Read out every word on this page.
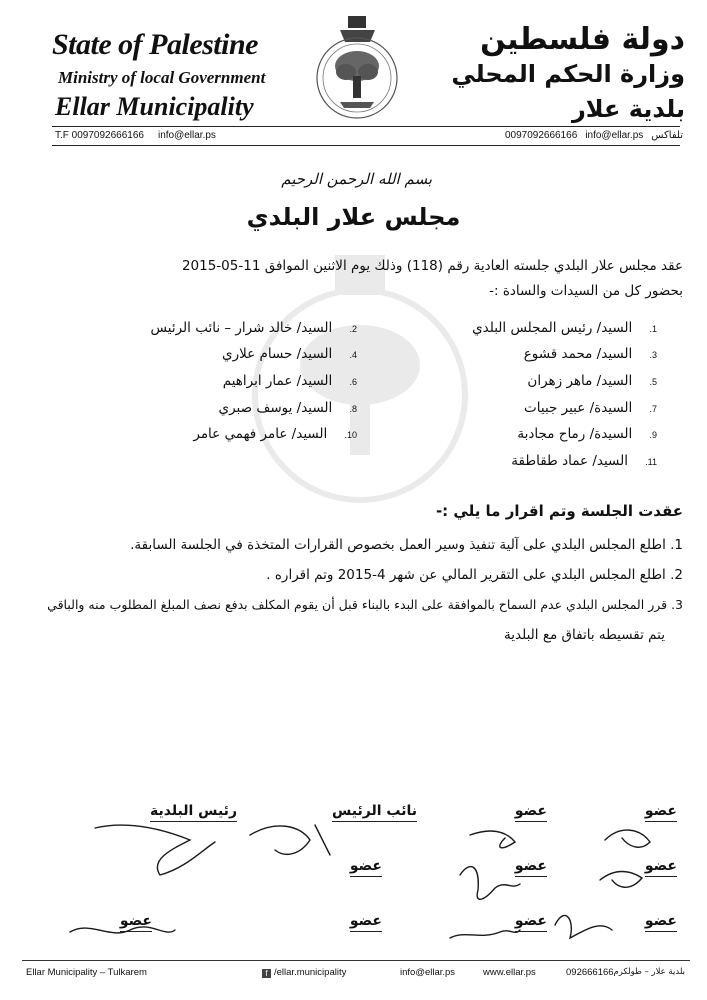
State of Palestine
Ministry of local Government
Ellar Municipality
دولة فلسطين
وزارة الحكم المحلي
بلدية علار
T.F 0097092666166 info@ellar.ps	تلفاكس0097092666166 info@ellar.ps
بسم الله الرحمن الرحيم
مجلس علار البلدي
عقد مجلس علار البلدي جلسته العادية رقم (118) وذلك يوم الاثنين الموافق 11-05-2015
بحضور كل من السيدات والسادة :-
1.    السيد/ رئيس المجلس البلدي
3.    السيد/ محمد قشوع
5.    السيد/ ماهر زهران
7.    السيدة/ عبير جبيات
9.    السيدة/ رماح مجادبة
11.    السيد/ عماد طقاطقة
2.    السيد/ خالد شرار – نائب الرئيس
4.    السيد/ حسام علاري
6.    السيد/ عمار ابراهيم
8.    السيد/ يوسف صبري
10.    السيد/ عامر فهمي عامر
عقدت الجلسة وتم اقرار ما يلي :-
1. اطلع المجلس البلدي على آلية تنفيذ وسير العمل بخصوص القرارات المتخذة في الجلسة السابقة.
2. اطلع المجلس البلدي على التقرير المالي عن شهر 4-2015 وتم اقراره .
3. قرر المجلس البلدي عدم السماح بالموافقة على البدء بالبناء قبل أن يقوم المكلف بدفع نصف المبلغ المطلوب منه والباقي
يتم تقسيطه باتفاق مع البلدية
رئيس البلدية	نائب الرئيس	عضو	عضو
عضو	عضو	عضو
عضو	عضو	عضو	عضو
Ellar Municipality – Tulkarem	f /ellar.municipality	info@ellar.ps	www.ellar.ps	092666166 بلدية علار – طولكرم
